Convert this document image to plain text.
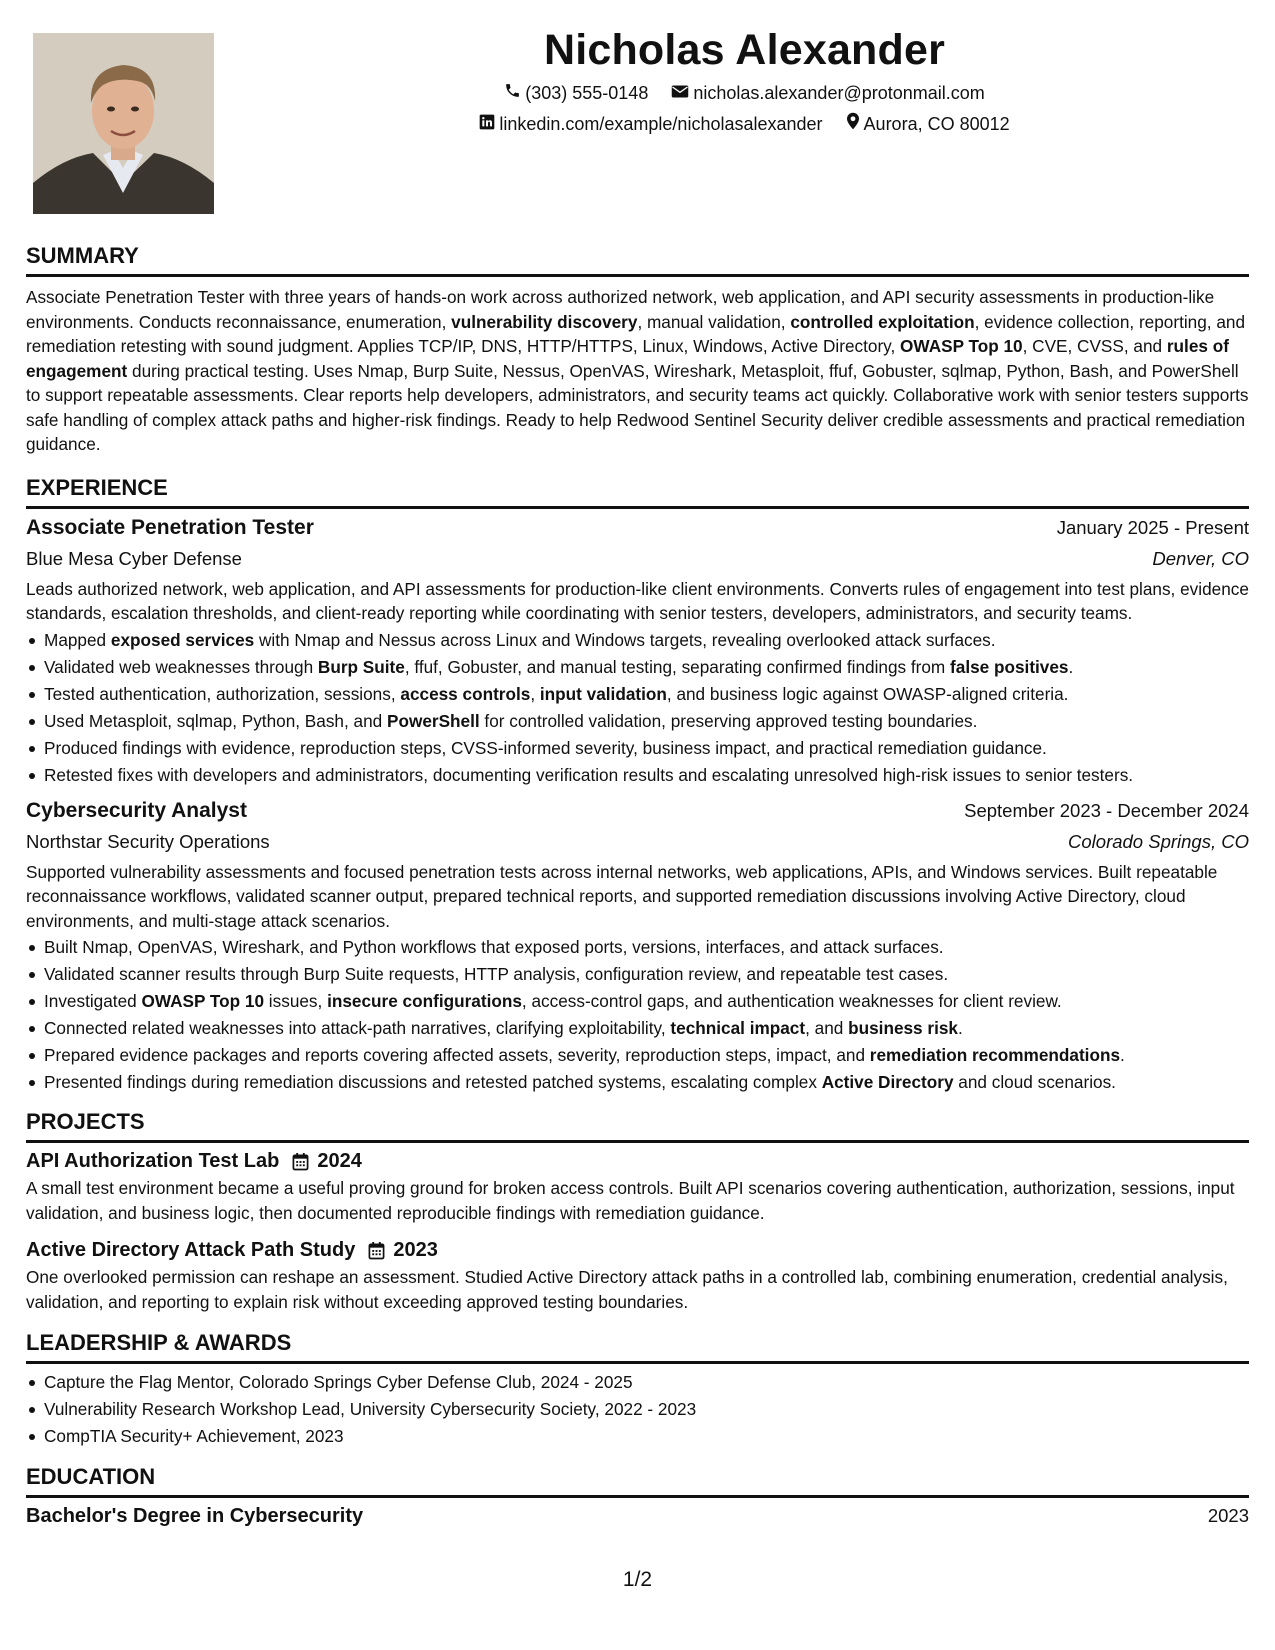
Nicholas Alexander
(303) 555-0148
	nicholas.alexander@protonmail.com
linkedin.com/example/nicholasalexander
Aurora, CO 80012
SUMMARY
Associate Penetration Tester with three years of hands-on work across authorized network, web application, and API security assessments in production-like environments. Conducts reconnaissance, enumeration, vulnerability discovery, manual validation, controlled exploitation, evidence collection, reporting, and remediation retesting with sound judgment. Applies TCP/IP, DNS, HTTP/HTTPS, Linux, Windows, Active Directory, OWASP Top 10, CVE, CVSS, and rules of engagement during practical testing. Uses Nmap, Burp Suite, Nessus, OpenVAS, Wireshark, Metasploit, ffuf, Gobuster, sqlmap, Python, Bash, and PowerShell to support repeatable assessments. Clear reports help developers, administrators, and security teams act quickly. Collaborative work with senior testers supports safe handling of complex attack paths and higher-risk findings. Ready to help Redwood Sentinel Security deliver credible assessments and practical remediation guidance.
EXPERIENCE
Associate Penetration Tester	January 2025 - Present
Blue Mesa Cyber Defense	Denver, CO
Leads authorized network, web application, and API assessments for production-like client environments. Converts rules of engagement into test plans, evidence standards, escalation thresholds, and client-ready reporting while coordinating with senior testers, developers, administrators, and security teams.
Mapped exposed services with Nmap and Nessus across Linux and Windows targets, revealing overlooked attack surfaces.
Validated web weaknesses through Burp Suite, ffuf, Gobuster, and manual testing, separating confirmed findings from false positives.
Tested authentication, authorization, sessions, access controls, input validation, and business logic against OWASP-aligned criteria.
Used Metasploit, sqlmap, Python, Bash, and PowerShell for controlled validation, preserving approved testing boundaries.
Produced findings with evidence, reproduction steps, CVSS-informed severity, business impact, and practical remediation guidance.
Retested fixes with developers and administrators, documenting verification results and escalating unresolved high-risk issues to senior testers.
Cybersecurity Analyst	September 2023 - December 2024
Northstar Security Operations	Colorado Springs, CO
Supported vulnerability assessments and focused penetration tests across internal networks, web applications, APIs, and Windows services. Built repeatable reconnaissance workflows, validated scanner output, prepared technical reports, and supported remediation discussions involving Active Directory, cloud environments, and multi-stage attack scenarios.
Built Nmap, OpenVAS, Wireshark, and Python workflows that exposed ports, versions, interfaces, and attack surfaces.
Validated scanner results through Burp Suite requests, HTTP analysis, configuration review, and repeatable test cases.
Investigated OWASP Top 10 issues, insecure configurations, access-control gaps, and authentication weaknesses for client review.
Connected related weaknesses into attack-path narratives, clarifying exploitability, technical impact, and business risk.
Prepared evidence packages and reports covering affected assets, severity, reproduction steps, impact, and remediation recommendations.
Presented findings during remediation discussions and retested patched systems, escalating complex Active Directory and cloud scenarios.
PROJECTS
API Authorization Test Lab 2024
A small test environment became a useful proving ground for broken access controls. Built API scenarios covering authentication, authorization, sessions, input validation, and business logic, then documented reproducible findings with remediation guidance.
Active Directory Attack Path Study 2023
One overlooked permission can reshape an assessment. Studied Active Directory attack paths in a controlled lab, combining enumeration, credential analysis, validation, and reporting to explain risk without exceeding approved testing boundaries.
LEADERSHIP & AWARDS
Capture the Flag Mentor, Colorado Springs Cyber Defense Club, 2024 - 2025
Vulnerability Research Workshop Lead, University Cybersecurity Society, 2022 - 2023
CompTIA Security+ Achievement, 2023
EDUCATION
Bachelor's Degree in Cybersecurity	2023
1/2
